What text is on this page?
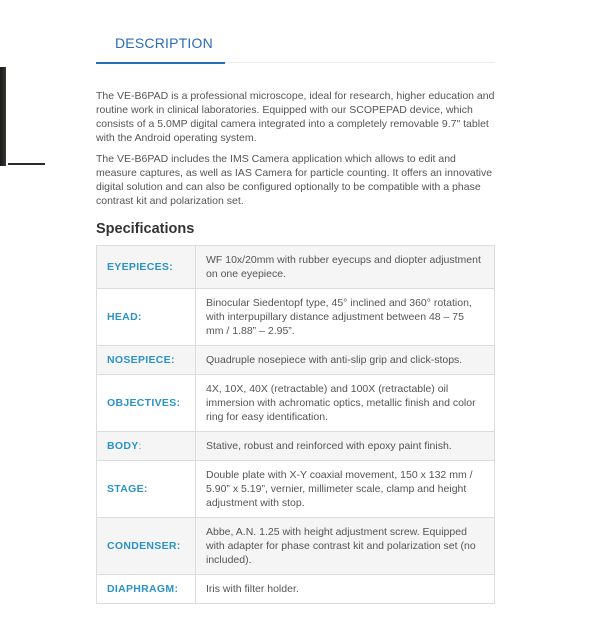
DESCRIPTION

The VE-B6PAD is a professional microscope, ideal for research, higher education and routine work in clinical laboratories. Equipped with our SCOPEPAD device, which consists of a 5.0MP digital camera integrated into a completely removable 9.7" tablet with the Android operating system.

The VE-B6PAD includes the IMS Camera application which allows to edit and measure captures, as well as IAS Camera for particle counting. It offers an innovative digital solution and can also be configured optionally to be compatible with a phase contrast kit and polarization set.

Specifications
EYEPIECES:	WF 10x/20mm with rubber eyecups and diopter adjustment on one eyepiece.
HEAD:	Binocular Siedentopf type, 45° inclined and 360° rotation, with interpupillary distance adjustment between 48 – 75 mm / 1.88” – 2.95”.
NOSEPIECE:	Quadruple nosepiece with anti-slip grip and click-stops.
OBJECTIVES:	4X, 10X, 40X (retractable) and 100X (retractable) oil immersion with achromatic optics, metallic finish and color ring for easy identification.
BODY:	Stative, robust and reinforced with epoxy paint finish.
STAGE:	Double plate with X-Y coaxial movement, 150 x 132 mm / 5.90” x 5.19”, vernier, millimeter scale, clamp and height adjustment with stop.
CONDENSER:	Abbe, A.N. 1.25 with height adjustment screw. Equipped with adapter for phase contrast kit and polarization set (no included).
DIAPHRAGM:	Iris with filter holder.
